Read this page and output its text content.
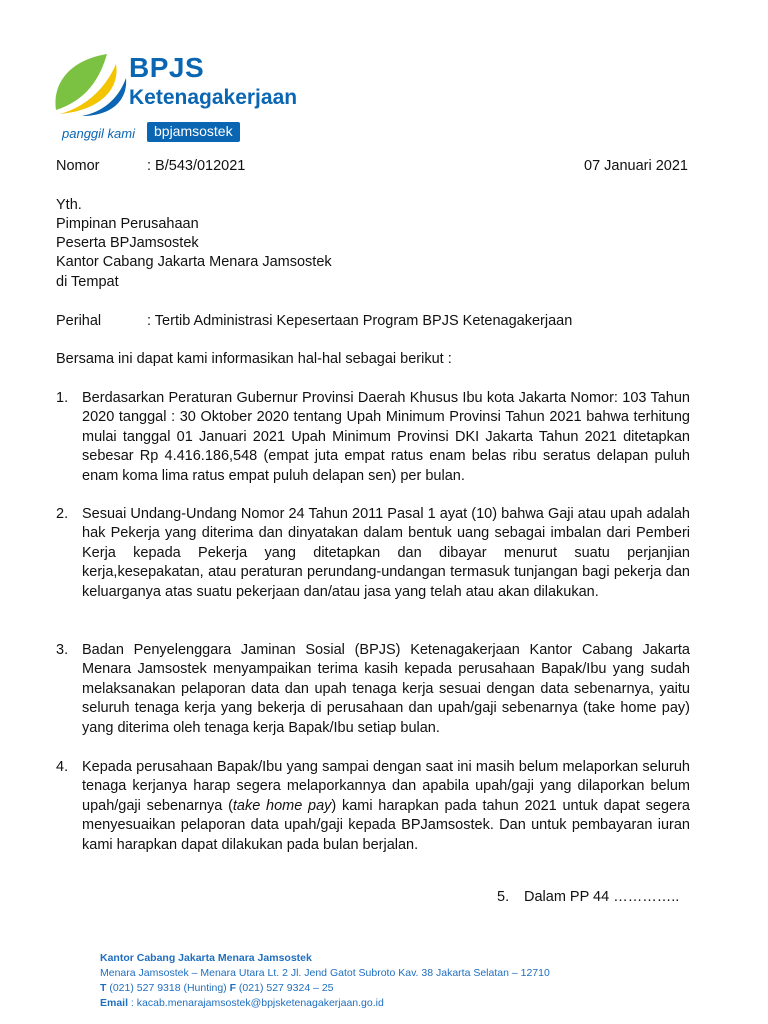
BPJS
Ketenagakerjaan
panggil kami	bpjamsostek
Nomor	: B/543/012021	07 Januari 2021
Yth.
Pimpinan Perusahaan
Peserta BPJamsostek
Kantor Cabang Jakarta Menara Jamsostek
di Tempat
Perihal	: Tertib Administrasi Kepesertaan Program BPJS Ketenagakerjaan
Bersama ini dapat kami informasikan hal-hal sebagai berikut :
1. Berdasarkan Peraturan Gubernur Provinsi Daerah Khusus Ibu kota Jakarta Nomor: 103 Tahun 2020 tanggal : 30 Oktober 2020 tentang Upah Minimum Provinsi Tahun 2021 bahwa terhitung mulai tanggal 01 Januari 2021 Upah Minimum Provinsi DKI Jakarta Tahun 2021 ditetapkan sebesar Rp 4.416.186,548 (empat juta empat ratus enam belas ribu seratus delapan puluh enam koma lima ratus empat puluh delapan sen) per bulan.
2. Sesuai Undang-Undang Nomor 24 Tahun 2011 Pasal 1 ayat (10) bahwa Gaji atau upah adalah hak Pekerja yang diterima dan dinyatakan dalam bentuk uang sebagai imbalan dari Pemberi Kerja kepada Pekerja yang ditetapkan dan dibayar menurut suatu perjanjian kerja,kesepakatan, atau peraturan perundang-undangan termasuk tunjangan bagi pekerja dan keluarganya atas suatu pekerjaan dan/atau jasa yang telah atau akan dilakukan.
3. Badan Penyelenggara Jaminan Sosial (BPJS) Ketenagakerjaan Kantor Cabang Jakarta Menara Jamsostek menyampaikan terima kasih kepada perusahaan Bapak/Ibu yang sudah melaksanakan pelaporan data dan upah tenaga kerja sesuai dengan data sebenarnya, yaitu seluruh tenaga kerja yang bekerja di perusahaan dan upah/gaji sebenarnya (take home pay) yang diterima oleh tenaga kerja Bapak/Ibu setiap bulan.
4. Kepada perusahaan Bapak/Ibu yang sampai dengan saat ini masih belum melaporkan seluruh tenaga kerjanya harap segera melaporkannya dan apabila upah/gaji yang dilaporkan belum upah/gaji sebenarnya (take home pay) kami harapkan pada tahun 2021 untuk dapat segera menyesuaikan pelaporan data upah/gaji kepada BPJamsostek. Dan untuk pembayaran iuran kami harapkan dapat dilakukan pada bulan berjalan.
5. Dalam PP 44 …………..
Kantor Cabang Jakarta Menara Jamsostek
Menara Jamsostek – Menara Utara Lt. 2 Jl. Jend Gatot Subroto Kav. 38 Jakarta Selatan – 12710
T (021) 527 9318 (Hunting) F (021) 527 9324 – 25
Email : kacab.menarajamsostek@bpjsketenagakerjaan.go.id
